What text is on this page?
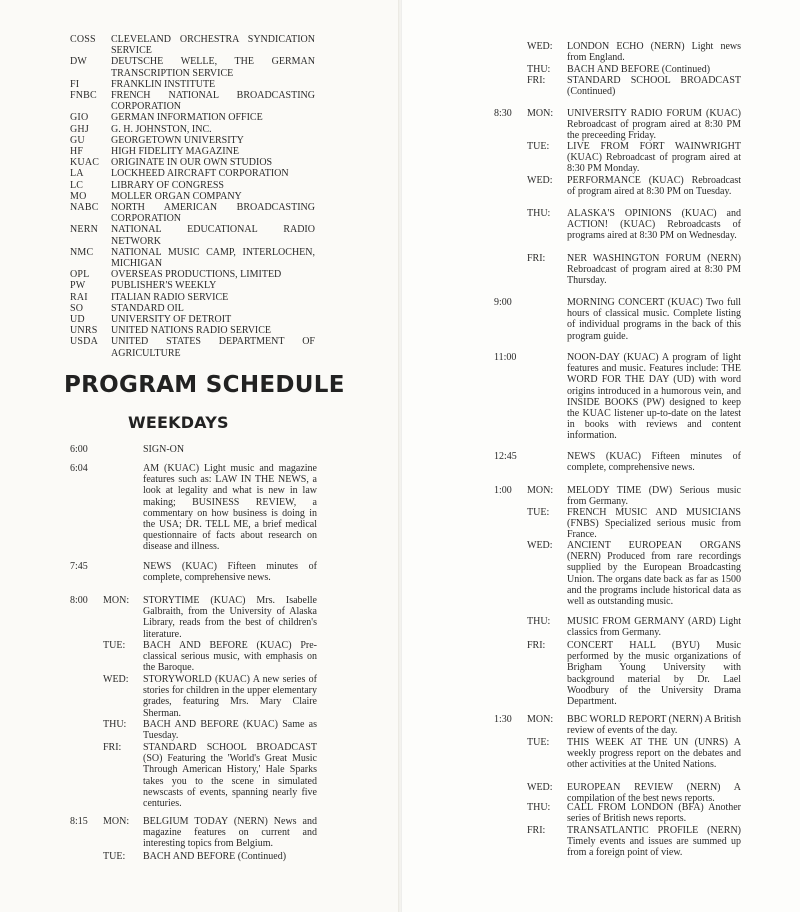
COSS	CLEVELAND ORCHESTRA SYNDICATION SERVICE
DW	DEUTSCHE WELLE, THE GERMAN TRANSCRIPTION SERVICE
FI	FRANKLIN INSTITUTE
FNBC	FRENCH NATIONAL BROADCASTING CORPORATION
GIO	GERMAN INFORMATION OFFICE
GHJ	G. H. JOHNSTON, INC.
GU	GEORGETOWN UNIVERSITY
HF	HIGH FIDELITY MAGAZINE
KUAC	ORIGINATE IN OUR OWN STUDIOS
LA	LOCKHEED AIRCRAFT CORPORATION
LC	LIBRARY OF CONGRESS
MO	MOLLER ORGAN COMPANY
NABC	NORTH AMERICAN BROADCASTING CORPORATION
NERN	NATIONAL EDUCATIONAL RADIO NETWORK
NMC	NATIONAL MUSIC CAMP, INTERLOCHEN, MICHIGAN
OPL	OVERSEAS PRODUCTIONS, LIMITED
PW	PUBLISHER'S WEEKLY
RAI	ITALIAN RADIO SERVICE
SO	STANDARD OIL
UD	UNIVERSITY OF DETROIT
UNRS	UNITED NATIONS RADIO SERVICE
USDA	UNITED STATES DEPARTMENT OF AGRICULTURE
PROGRAM SCHEDULE
WEEKDAYS
6:00	SIGN-ON
6:04	AM (KUAC) Light music and magazine features such as: LAW IN THE NEWS, a look at legality and what is new in law making; BUSINESS REVIEW, a commentary on how business is doing in the USA; DR. TELL ME, a brief medical questionnaire of facts about research on disease and illness.
7:45	NEWS (KUAC) Fifteen minutes of complete, comprehensive news.
8:00 MON: STORYTIME (KUAC) Mrs. Isabelle Galbraith, from the University of Alaska Library, reads from the best of children's literature.
TUE: BACH AND BEFORE (KUAC) Pre-classical serious music, with emphasis on the Baroque.
WED: STORYWORLD (KUAC) A new series of stories for children in the upper elementary grades, featuring Mrs. Mary Claire Sherman.
THU: BACH AND BEFORE (KUAC) Same as Tuesday.
FRI: STANDARD SCHOOL BROADCAST (SO) Featuring the 'World's Great Music Through American History,' Hale Sparks takes you to the scene in simulated newscasts of events, spanning nearly five centuries.
8:15 MON: BELGIUM TODAY (NERN) News and magazine features on current and interesting topics from Belgium.
TUE: BACH AND BEFORE (Continued)
WED: LONDON ECHO (NERN) Light news from England.
THU: BACH AND BEFORE (Continued)
FRI: STANDARD SCHOOL BROADCAST (Continued)
8:30 MON: UNIVERSITY RADIO FORUM (KUAC) Rebroadcast of program aired at 8:30 PM the preceeding Friday.
TUE: LIVE FROM FORT WAINWRIGHT (KUAC) Rebroadcast of program aired at 8:30 PM Monday.
WED: PERFORMANCE (KUAC) Rebroadcast of program aired at 8:30 PM on Tuesday.
THU: ALASKA'S OPINIONS (KUAC) and ACTION! (KUAC) Rebroadcasts of programs aired at 8:30 PM on Wednesday.
FRI: NER WASHINGTON FORUM (NERN) Rebroadcast of program aired at 8:30 PM Thursday.
9:00	MORNING CONCERT (KUAC) Two full hours of classical music. Complete listing of individual programs in the back of this program guide.
11:00	NOON-DAY (KUAC) A program of light features and music. Features include: THE WORD FOR THE DAY (UD) with word origins introduced in a humorous vein, and INSIDE BOOKS (PW) designed to keep the KUAC listener up-to-date on the latest in books with reviews and content information.
12:45	NEWS (KUAC) Fifteen minutes of complete, comprehensive news.
1:00 MON: MELODY TIME (DW) Serious music from Germany.
TUE: FRENCH MUSIC AND MUSICIANS (FNBS) Specialized serious music from France.
WED: ANCIENT EUROPEAN ORGANS (NERN) Produced from rare recordings supplied by the European Broadcasting Union. The organs date back as far as 1500 and the programs include historical data as well as outstanding music.
THU: MUSIC FROM GERMANY (ARD) Light classics from Germany.
FRI: CONCERT HALL (BYU) Music performed by the music organizations of Brigham Young University with background material by Dr. Lael Woodbury of the University Drama Department.
1:30 MON: BBC WORLD REPORT (NERN) A British review of events of the day.
TUE: THIS WEEK AT THE UN (UNRS) A weekly progress report on the debates and other activities at the United Nations.
WED: EUROPEAN REVIEW (NERN) A compilation of the best news reports.
THU: CALL FROM LONDON (BFA) Another series of British news reports.
FRI: TRANSATLANTIC PROFILE (NERN) Timely events and issues are summed up from a foreign point of view.
